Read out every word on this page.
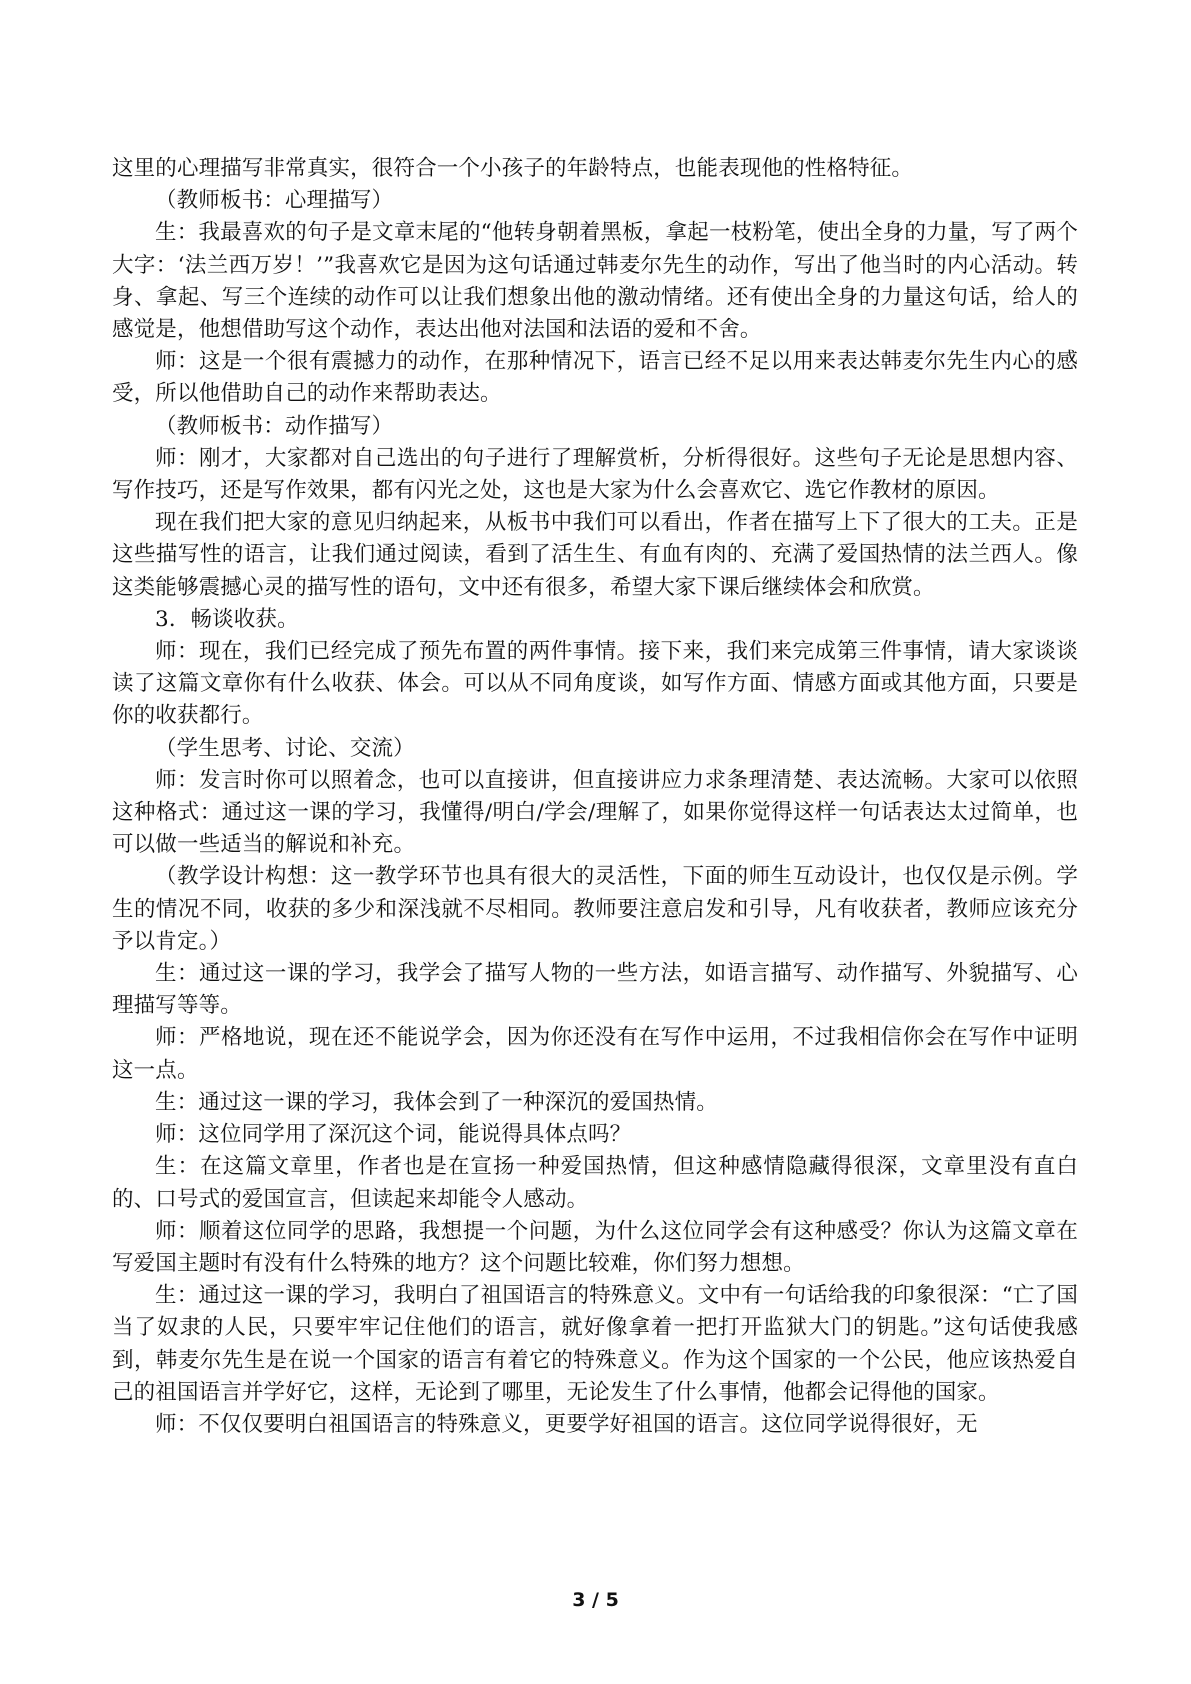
这里的心理描写非常真实，很符合一个小孩子的年龄特点，也能表现他的性格特征。

（教师板书：心理描写）

生：我最喜欢的句子是文章末尾的“他转身朝着黑板，拿起一枝粉笔，使出全身的力量，写了两个大字：‘法兰西万岁！’”我喜欢它是因为这句话通过韩麦尔先生的动作，写出了他当时的内心活动。转身、拿起、写三个连续的动作可以让我们想象出他的激动情绪。还有使出全身的力量这句话，给人的感觉是，他想借助写这个动作，表达出他对法国和法语的爱和不舍。

师：这是一个很有震撼力的动作，在那种情况下，语言已经不足以用来表达韩麦尔先生内心的感受，所以他借助自己的动作来帮助表达。

（教师板书：动作描写）

师：刚才，大家都对自己选出的句子进行了理解赏析，分析得很好。这些句子无论是思想内容、写作技巧，还是写作效果，都有闪光之处，这也是大家为什么会喜欢它、选它作教材的原因。

现在我们把大家的意见归纳起来，从板书中我们可以看出，作者在描写上下了很大的工夫。正是这些描写性的语言，让我们通过阅读，看到了活生生、有血有肉的、充满了爱国热情的法兰西人。像这类能够震撼心灵的描写性的语句，文中还有很多，希望大家下课后继续体会和欣赏。

3．畅谈收获。

师：现在，我们已经完成了预先布置的两件事情。接下来，我们来完成第三件事情，请大家谈谈读了这篇文章你有什么收获、体会。可以从不同角度谈，如写作方面、情感方面或其他方面，只要是你的收获都行。

（学生思考、讨论、交流）

师：发言时你可以照着念，也可以直接讲，但直接讲应力求条理清楚、表达流畅。大家可以依照这种格式：通过这一课的学习，我懂得/明白/学会/理解了，如果你觉得这样一句话表达太过简单，也可以做一些适当的解说和补充。

（教学设计构想：这一教学环节也具有很大的灵活性，下面的师生互动设计，也仅仅是示例。学生的情况不同，收获的多少和深浅就不尽相同。教师要注意启发和引导，凡有收获者，教师应该充分予以肯定。）

生：通过这一课的学习，我学会了描写人物的一些方法，如语言描写、动作描写、外貌描写、心理描写等等。

师：严格地说，现在还不能说学会，因为你还没有在写作中运用，不过我相信你会在写作中证明这一点。

生：通过这一课的学习，我体会到了一种深沉的爱国热情。

师：这位同学用了深沉这个词，能说得具体点吗？

生：在这篇文章里，作者也是在宣扬一种爱国热情，但这种感情隐藏得很深，文章里没有直白的、口号式的爱国宣言，但读起来却能令人感动。

师：顺着这位同学的思路，我想提一个问题，为什么这位同学会有这种感受？你认为这篇文章在写爱国主题时有没有什么特殊的地方？这个问题比较难，你们努力想想。

生：通过这一课的学习，我明白了祖国语言的特殊意义。文中有一句话给我的印象很深：“亡了国当了奴隶的人民，只要牢牢记住他们的语言，就好像拿着一把打开监狱大门的钥匙。”这句话使我感到，韩麦尔先生是在说一个国家的语言有着它的特殊意义。作为这个国家的一个公民，他应该热爱自己的祖国语言并学好它，这样，无论到了哪里，无论发生了什么事情，他都会记得他的国家。

师：不仅仅要明白祖国语言的特殊意义，更要学好祖国的语言。这位同学说得很好，无

3 / 5
